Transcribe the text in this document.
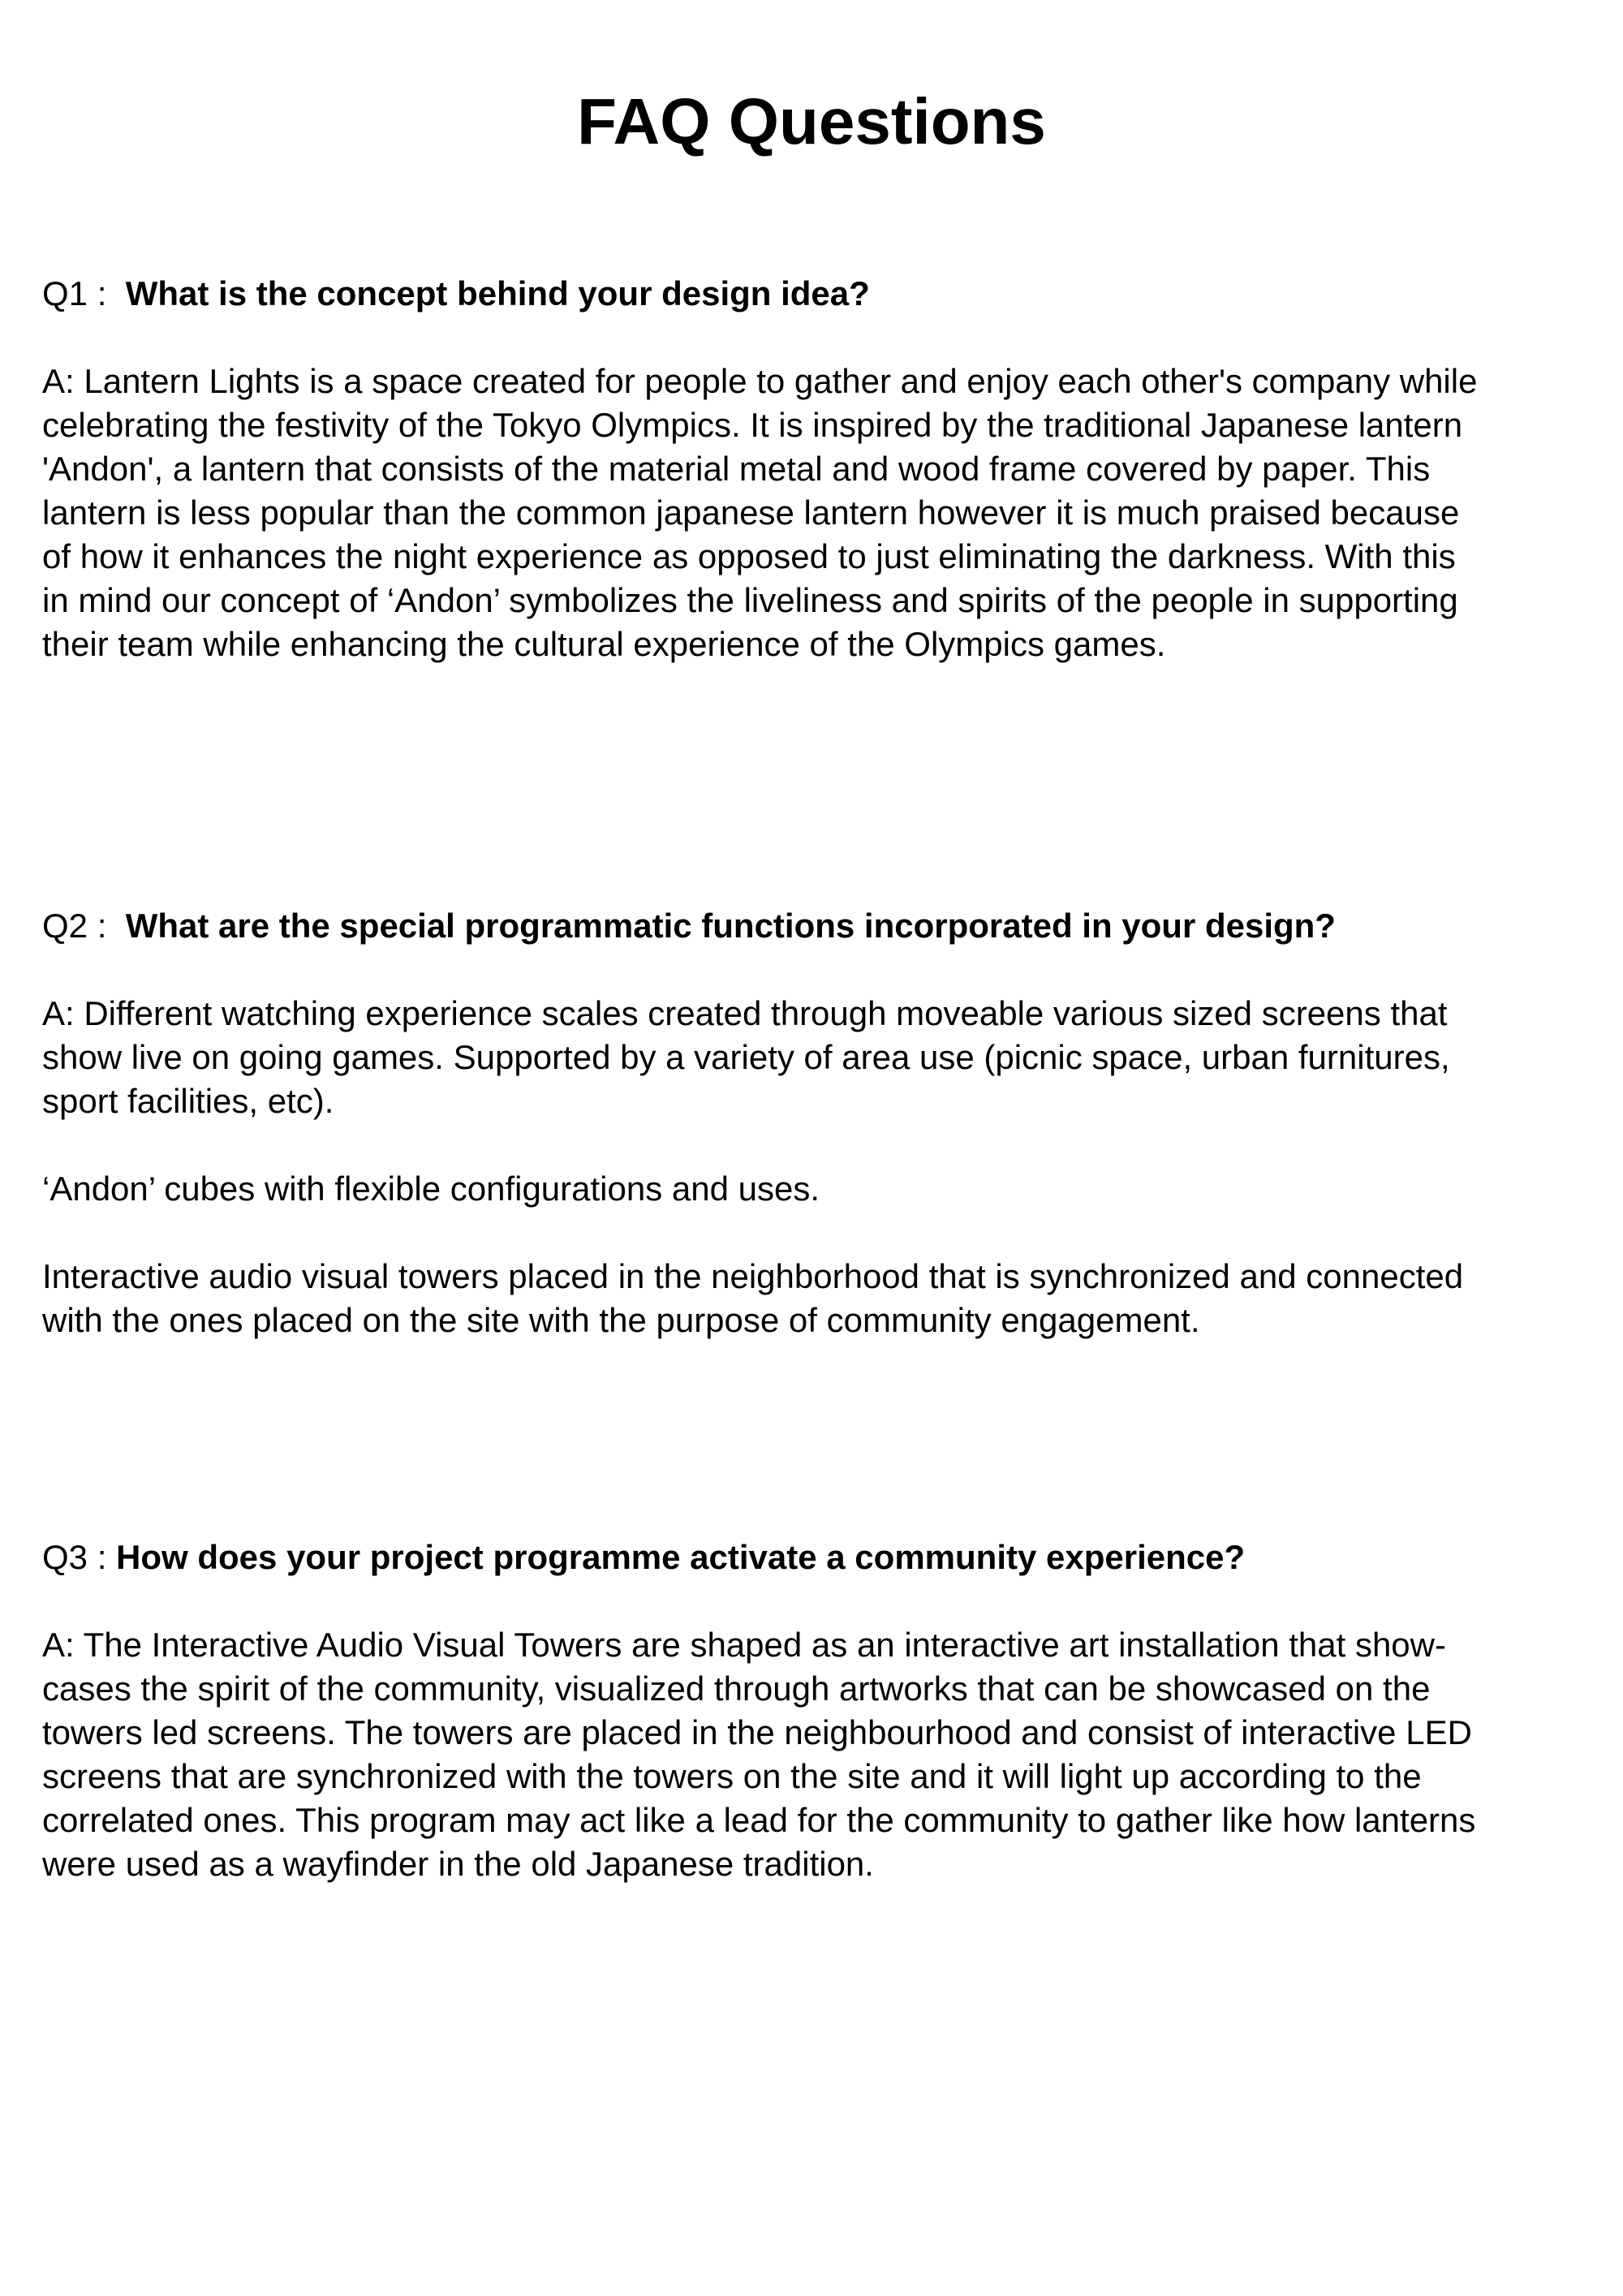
FAQ Questions

Q1 : What is the concept behind your design idea?

A: Lantern Lights is a space created for people to gather and enjoy each other's company while
celebrating the festivity of the Tokyo Olympics. It is inspired by the traditional Japanese lantern
'Andon', a lantern that consists of the material metal and wood frame covered by paper. This
lantern is less popular than the common japanese lantern however it is much praised because
of how it enhances the night experience as opposed to just eliminating the darkness. With this
in mind our concept of ‘Andon’ symbolizes the liveliness and spirits of the people in supporting
their team while enhancing the cultural experience of the Olympics games.

Q2 : What are the special programmatic functions incorporated in your design?

A: Different watching experience scales created through moveable various sized screens that
show live on going games. Supported by a variety of area use (picnic space, urban furnitures,
sport facilities, etc).
‘Andon’ cubes with flexible configurations and uses.
Interactive audio visual towers placed in the neighborhood that is synchronized and connected
with the ones placed on the site with the purpose of community engagement.

Q3 : How does your project programme activate a community experience?

A: The Interactive Audio Visual Towers are shaped as an interactive art installation that show-
cases the spirit of the community, visualized through artworks that can be showcased on the
towers led screens. The towers are placed in the neighbourhood and consist of interactive LED
screens that are synchronized with the towers on the site and it will light up according to the
correlated ones. This program may act like a lead for the community to gather like how lanterns
were used as a wayfinder in the old Japanese tradition.
